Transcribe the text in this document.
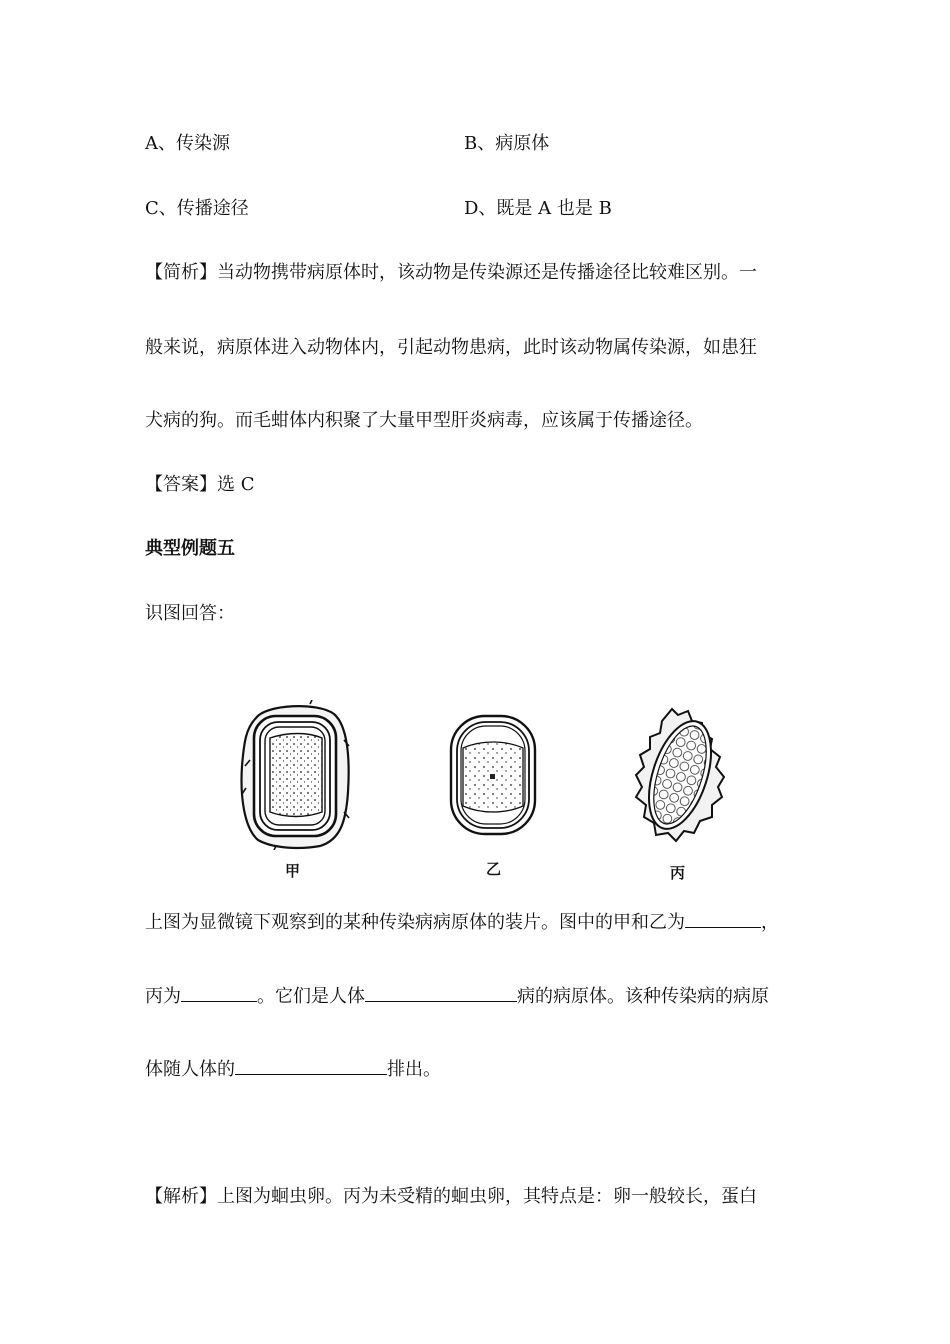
A、传染源	B、病原体
C、传播途径	D、既是 A 也是 B
【简析】当动物携带病原体时，该动物是传染源还是传播途径比较难区别。一
般来说，病原体进入动物体内，引起动物患病，此时该动物属传染源，如患狂
犬病的狗。而毛蚶体内积聚了大量甲型肝炎病毒，应该属于传播途径。
【答案】选 C
典型例题五
识图回答：
甲	乙	丙
上图为显微镜下观察到的某种传染病病原体的装片。图中的甲和乙为	，
丙为	。它们是人体	病的病原体。该种传染病的病原
体随人体的	排出。
【解析】上图为蛔虫卵。丙为未受精的蛔虫卵，其特点是：卵一般较长，蛋白
